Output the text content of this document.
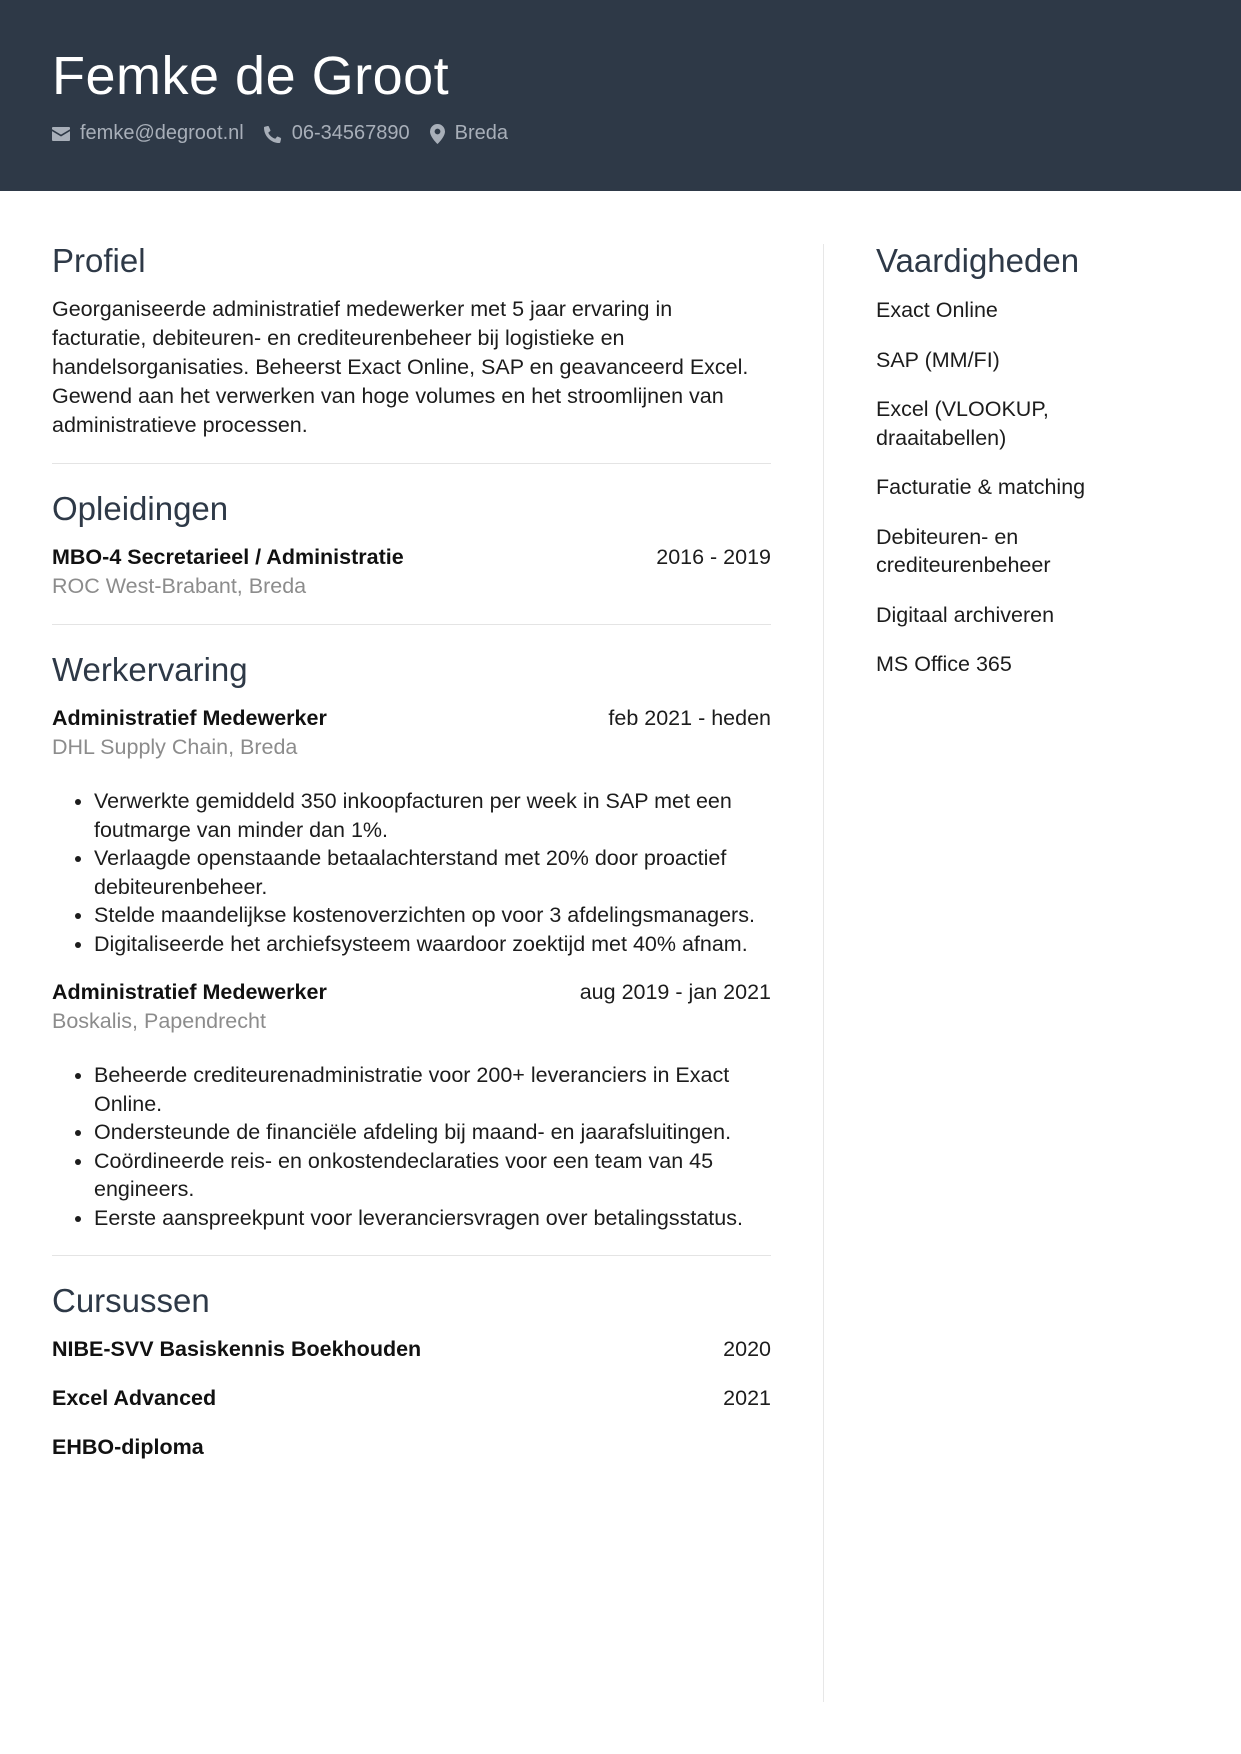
Femke de Groot
femke@degroot.nl 06-34567890 Breda
Profiel

Georganiseerde administratief medewerker met 5 jaar ervaring in facturatie, debiteuren- en crediteurenbeheer bij logistieke en handelsorganisaties. Beheerst Exact Online, SAP en geavanceerd Excel. Gewend aan het verwerken van hoge volumes en het stroomlijnen van administratieve processen.

Opleidingen
MBO-4 Secretarieel / Administratie	2016 - 2019
ROC West-Brabant, Breda
Werkervaring
Administratief Medewerker	feb 2021 - heden
DHL Supply Chain, Breda
• Verwerkte gemiddeld 350 inkoopfacturen per week in SAP met een foutmarge van minder dan 1%.
• Verlaagde openstaande betaalachterstand met 20% door proactief debiteurenbeheer.
• Stelde maandelijkse kostenoverzichten op voor 3 afdelingsmanagers.
• Digitaliseerde het archiefsysteem waardoor zoektijd met 40% afnam.
Administratief Medewerker	aug 2019 - jan 2021
Boskalis, Papendrecht
• Beheerde crediteurenadministratie voor 200+ leveranciers in Exact Online.
• Ondersteunde de financiële afdeling bij maand- en jaarafsluitingen.
• Coördineerde reis- en onkostendeclaraties voor een team van 45 engineers.
• Eerste aanspreekpunt voor leveranciersvragen over betalingsstatus.
Cursussen
NIBE-SVV Basiskennis Boekhouden	2020
Excel Advanced	2021
EHBO-diploma
Vaardigheden
Exact Online
SAP (MM/FI)
Excel (VLOOKUP, draaitabellen)
Facturatie & matching
Debiteuren- en crediteurenbeheer
Digitaal archiveren
MS Office 365
